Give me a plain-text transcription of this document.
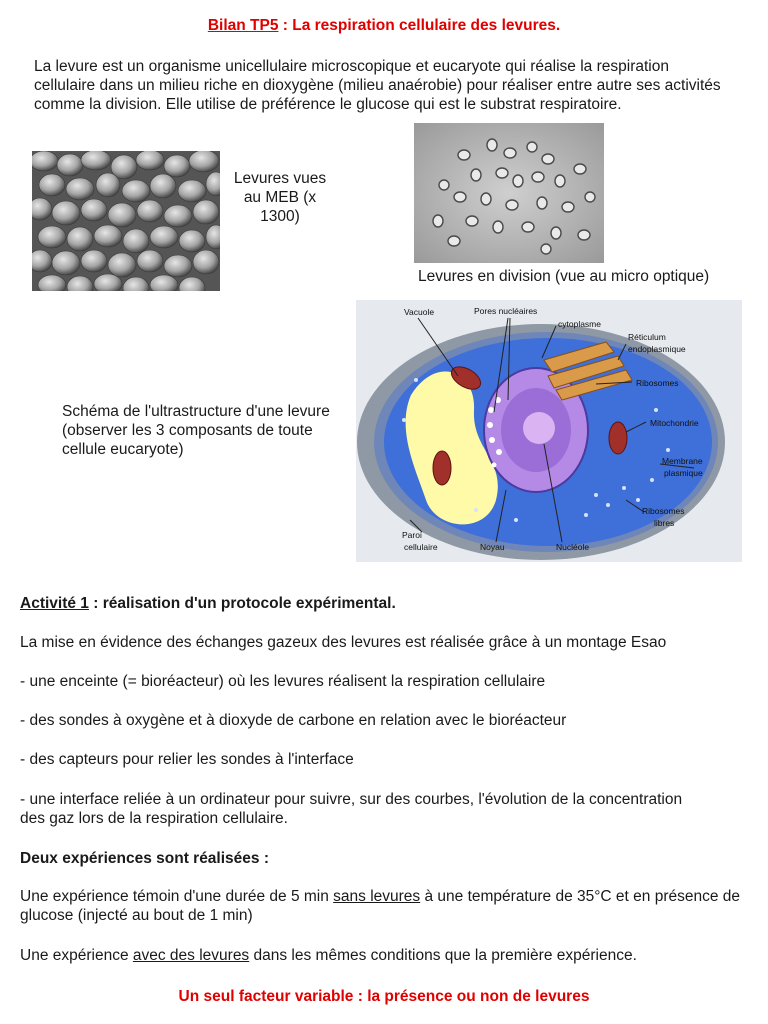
Bilan TP5 : La respiration cellulaire des levures.
La levure est un organisme unicellulaire microscopique et eucaryote qui réalise la respiration cellulaire dans un milieu riche en dioxygène (milieu anaérobie) pour réaliser entre autre ses activités comme la division. Elle utilise de préférence le glucose qui est le substrat respiratoire.
Levures vues au MEB (x 1300)
Levures en division (vue au micro optique)
Schéma de l'ultrastructure d'une levure (observer les 3 composants de toute cellule eucaryote)
Vacuole	Pores nucléaires
cytoplasme
Réticulum
endoplasmique
Ribosomes
Mitochondrie
Membrane
plasmique
Ribosomes
libres
Paroi
cellulaire	Noyau	Nucléole
Activité 1 : réalisation d'un protocole expérimental.
La mise en évidence des échanges gazeux des levures est réalisée grâce à un montage Esao
- une enceinte (= bioréacteur) où les levures réalisent la respiration cellulaire
- des sondes à oxygène et à dioxyde de carbone en relation avec le bioréacteur
- des capteurs pour relier les sondes à l'interface
- une interface reliée à un ordinateur pour suivre, sur des courbes, l'évolution de la concentration des gaz lors de la respiration cellulaire.
Deux expériences sont réalisées :
Une expérience témoin d'une durée de 5 min sans levures à une température de 35°C et en présence de glucose (injecté au bout de 1 min)
Une expérience avec des levures dans les mêmes conditions que la première expérience.
Un seul facteur variable : la présence ou non de levures
